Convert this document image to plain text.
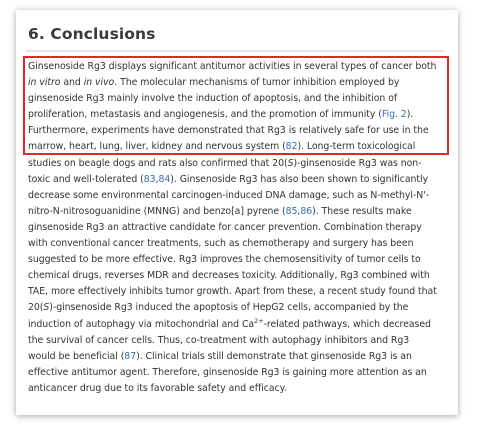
6. Conclusions

Ginsenoside Rg3 displays significant antitumor activities in several types of cancer both
in vitro and in vivo. The molecular mechanisms of tumor inhibition employed by
ginsenoside Rg3 mainly involve the induction of apoptosis, and the inhibition of
proliferation, metastasis and angiogenesis, and the promotion of immunity (Fig. 2).
Furthermore, experiments have demonstrated that Rg3 is relatively safe for use in the
marrow, heart, lung, liver, kidney and nervous system (82). Long-term toxicological
studies on beagle dogs and rats also confirmed that 20(S)-ginsenoside Rg3 was non-
toxic and well-tolerated (83,84). Ginsenoside Rg3 has also been shown to significantly
decrease some environmental carcinogen-induced DNA damage, such as N-methyl-N'-
nitro-N-nitrosoguanidine (MNNG) and benzo[a] pyrene (85,86). These results make
ginsenoside Rg3 an attractive candidate for cancer prevention. Combination therapy
with conventional cancer treatments, such as chemotherapy and surgery has been
suggested to be more effective. Rg3 improves the chemosensitivity of tumor cells to
chemical drugs, reverses MDR and decreases toxicity. Additionally, Rg3 combined with
TAE, more effectively inhibits tumor growth. Apart from these, a recent study found that
20(S)-ginsenoside Rg3 induced the apoptosis of HepG2 cells, accompanied by the
induction of autophagy via mitochondrial and $Ca^{2+}$-related pathways, which decreased
the survival of cancer cells. Thus, co-treatment with autophagy inhibitors and Rg3
would be beneficial (87). Clinical trials still demonstrate that ginsenoside Rg3 is an
effective antitumor agent. Therefore, ginsenoside Rg3 is gaining more attention as an
anticancer drug due to its favorable safety and efficacy.
